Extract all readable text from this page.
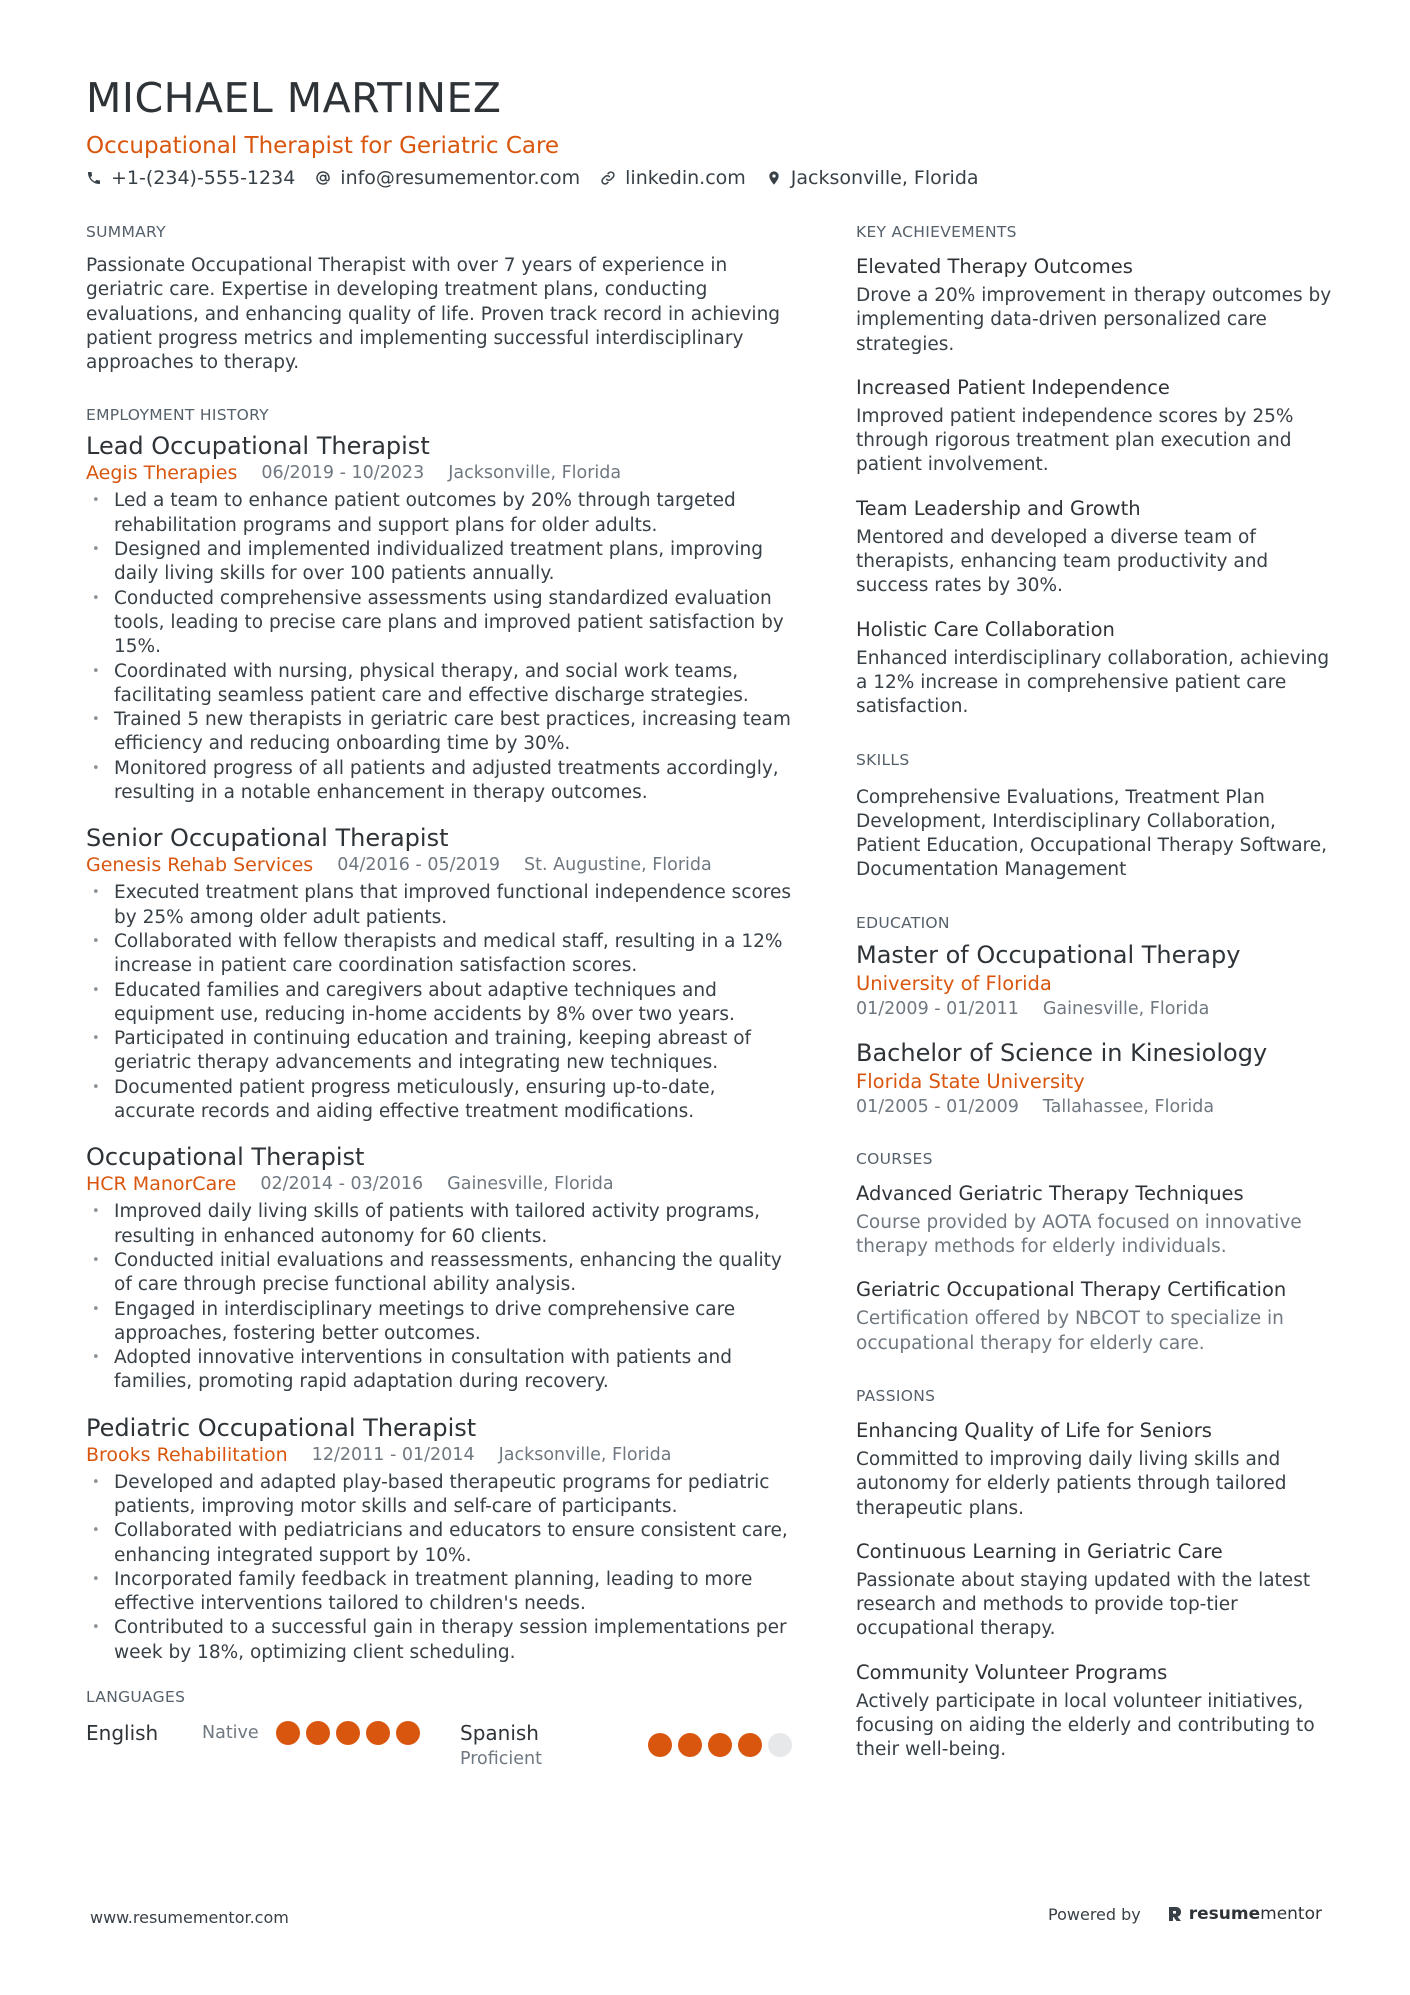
MICHAEL MARTINEZ
Occupational Therapist for Geriatric Care
+1-(234)-555-1234 info@resumementor.com linkedin.com Jacksonville, Florida
SUMMARY
Passionate Occupational Therapist with over 7 years of experience in geriatric care. Expertise in developing treatment plans, conducting evaluations, and enhancing quality of life. Proven track record in achieving patient progress metrics and implementing successful interdisciplinary approaches to therapy.
EMPLOYMENT HISTORY
Lead Occupational Therapist
Aegis Therapies 06/2019 - 10/2023 Jacksonville, Florida
• Led a team to enhance patient outcomes by 20% through targeted rehabilitation programs and support plans for older adults.
• Designed and implemented individualized treatment plans, improving daily living skills for over 100 patients annually.
• Conducted comprehensive assessments using standardized evaluation tools, leading to precise care plans and improved patient satisfaction by 15%.
• Coordinated with nursing, physical therapy, and social work teams, facilitating seamless patient care and effective discharge strategies.
• Trained 5 new therapists in geriatric care best practices, increasing team efficiency and reducing onboarding time by 30%.
• Monitored progress of all patients and adjusted treatments accordingly, resulting in a notable enhancement in therapy outcomes.
Senior Occupational Therapist
Genesis Rehab Services 04/2016 - 05/2019 St. Augustine, Florida
• Executed treatment plans that improved functional independence scores by 25% among older adult patients.
• Collaborated with fellow therapists and medical staff, resulting in a 12% increase in patient care coordination satisfaction scores.
• Educated families and caregivers about adaptive techniques and equipment use, reducing in-home accidents by 8% over two years.
• Participated in continuing education and training, keeping abreast of geriatric therapy advancements and integrating new techniques.
• Documented patient progress meticulously, ensuring up-to-date, accurate records and aiding effective treatment modifications.
Occupational Therapist
HCR ManorCare 02/2014 - 03/2016 Gainesville, Florida
• Improved daily living skills of patients with tailored activity programs, resulting in enhanced autonomy for 60 clients.
• Conducted initial evaluations and reassessments, enhancing the quality of care through precise functional ability analysis.
• Engaged in interdisciplinary meetings to drive comprehensive care approaches, fostering better outcomes.
• Adopted innovative interventions in consultation with patients and families, promoting rapid adaptation during recovery.
Pediatric Occupational Therapist
Brooks Rehabilitation 12/2011 - 01/2014 Jacksonville, Florida
• Developed and adapted play-based therapeutic programs for pediatric patients, improving motor skills and self-care of participants.
• Collaborated with pediatricians and educators to ensure consistent care, enhancing integrated support by 10%.
• Incorporated family feedback in treatment planning, leading to more effective interventions tailored to children's needs.
• Contributed to a successful gain in therapy session implementations per week by 18%, optimizing client scheduling.
LANGUAGES
English	Native	Spanish
Proficient
KEY ACHIEVEMENTS
Elevated Therapy Outcomes
Drove a 20% improvement in therapy outcomes by implementing data-driven personalized care strategies.
Increased Patient Independence
Improved patient independence scores by 25% through rigorous treatment plan execution and patient involvement.
Team Leadership and Growth
Mentored and developed a diverse team of therapists, enhancing team productivity and success rates by 30%.
Holistic Care Collaboration
Enhanced interdisciplinary collaboration, achieving a 12% increase in comprehensive patient care satisfaction.
SKILLS
Comprehensive Evaluations, Treatment Plan Development, Interdisciplinary Collaboration, Patient Education, Occupational Therapy Software, Documentation Management
EDUCATION
Master of Occupational Therapy
University of Florida
01/2009 - 01/2011 Gainesville, Florida
Bachelor of Science in Kinesiology
Florida State University
01/2005 - 01/2009 Tallahassee, Florida
COURSES
Advanced Geriatric Therapy Techniques
Course provided by AOTA focused on innovative therapy methods for elderly individuals.
Geriatric Occupational Therapy Certification
Certification offered by NBCOT to specialize in occupational therapy for elderly care.
PASSIONS
Enhancing Quality of Life for Seniors
Committed to improving daily living skills and autonomy for elderly patients through tailored therapeutic plans.
Continuous Learning in Geriatric Care
Passionate about staying updated with the latest research and methods to provide top-tier occupational therapy.
Community Volunteer Programs
Actively participate in local volunteer initiatives, focusing on aiding the elderly and contributing to their well-being.
www.resumementor.com	Powered by	resume mentor
